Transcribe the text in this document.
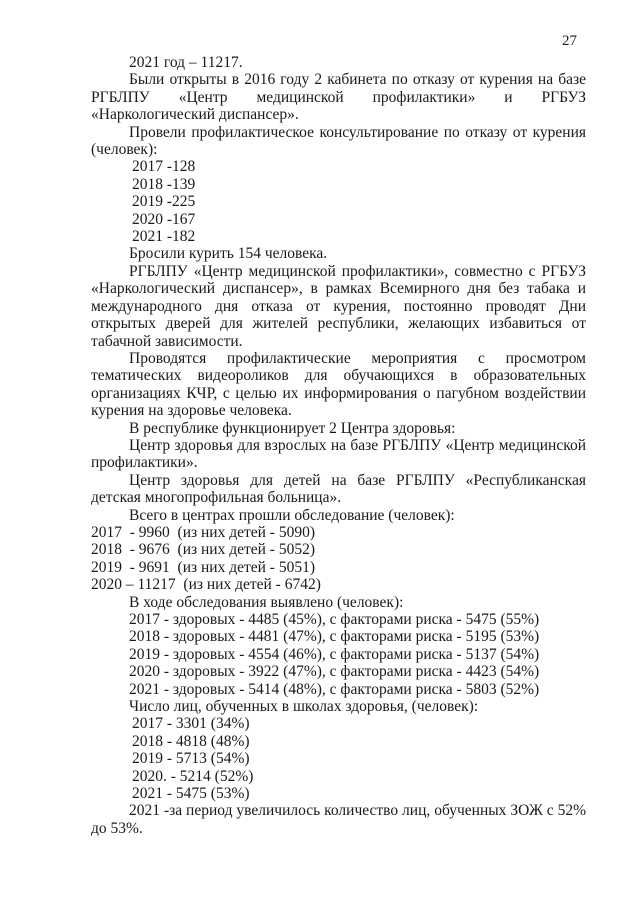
27

2021 год – 11217.

Были открыты в 2016 году 2 кабинета по отказу от курения на базе РГБЛПУ «Центр медицинской профилактики» и РГБУЗ «Наркологический диспансер».

Провели профилактическое консультирование по отказу от курения (человек):

2017 -128

2018 -139

2019 -225

2020 -167

2021 -182

Бросили курить 154 человека.

РГБЛПУ «Центр медицинской профилактики», совместно с РГБУЗ «Наркологический диспансер», в рамках Всемирного дня без табака и международного дня отказа от курения, постоянно проводят Дни открытых дверей для жителей республики, желающих избавиться от табачной зависимости.

Проводятся профилактические мероприятия с просмотром тематических видеороликов для обучающихся в образовательных организациях КЧР, с целью их информирования о пагубном воздействии курения на здоровье человека.

В республике функционирует 2 Центра здоровья:

Центр здоровья для взрослых на базе РГБЛПУ «Центр медицинской профилактики».

Центр здоровья для детей на базе РГБЛПУ «Республиканская детская многопрофильная больница».

Всего в центрах прошли обследование (человек):

2017  - 9960  (из них детей - 5090)

2018  - 9676  (из них детей - 5052)

2019  - 9691  (из них детей - 5051)

2020 – 11217  (из них детей - 6742)

В ходе обследования выявлено (человек):

2017 - здоровых - 4485 (45%), с факторами риска - 5475 (55%)

2018 - здоровых - 4481 (47%), с факторами риска - 5195 (53%)

2019 - здоровых - 4554 (46%), с факторами риска - 5137 (54%)

2020 - здоровых - 3922 (47%), с факторами риска - 4423 (54%)

2021 - здоровых - 5414 (48%), с факторами риска - 5803 (52%)

Число лиц, обученных в школах здоровья, (человек):

2017 - 3301 (34%)

2018 - 4818 (48%)

2019 - 5713 (54%)

2020. - 5214 (52%)

2021 - 5475 (53%)

2021 -за период увеличилось количество лиц, обученных ЗОЖ с 52% до 53%.
